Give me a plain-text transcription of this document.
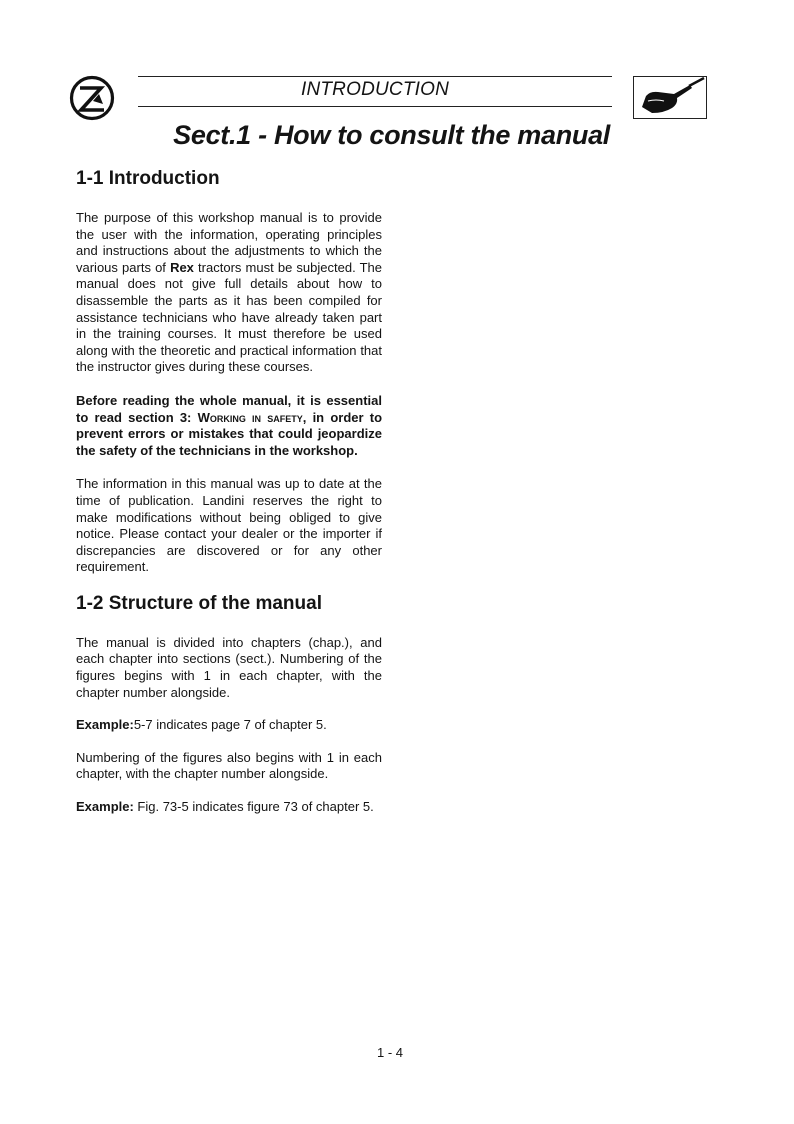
INTRODUCTION
Sect.1 - How to consult the manual
1-1 Introduction

The purpose of this workshop manual is to provide the user with the information, operating principles and instructions about the adjustments to which the various parts of Rex tractors must be subjected. The manual does not give full details about how to disassemble the parts as it has been compiled for assistance technicians who have already taken part in the training courses. It must therefore be used along with the theoretic and practical information that the instructor gives during these courses.

Before reading the whole manual, it is essential to read section 3: Working in safety, in order to prevent errors or mistakes that could jeopardize the safety of the technicians in the workshop.

The information in this manual was up to date at the time of publication. Landini reserves the right to make modifications without being obliged to give notice. Please contact your dealer or the importer if discrepancies are discovered or for any other requirement.

1-2 Structure of the manual

The manual is divided into chapters (chap.), and each chapter into sections (sect.). Numbering of the figures begins with 1 in each chapter, with the chapter number alongside.

Example:5-7 indicates page 7 of chapter 5.

Numbering of the figures also begins with 1 in each chapter, with the chapter number alongside.

Example: Fig. 73-5 indicates figure 73 of chapter 5.

1 - 4
